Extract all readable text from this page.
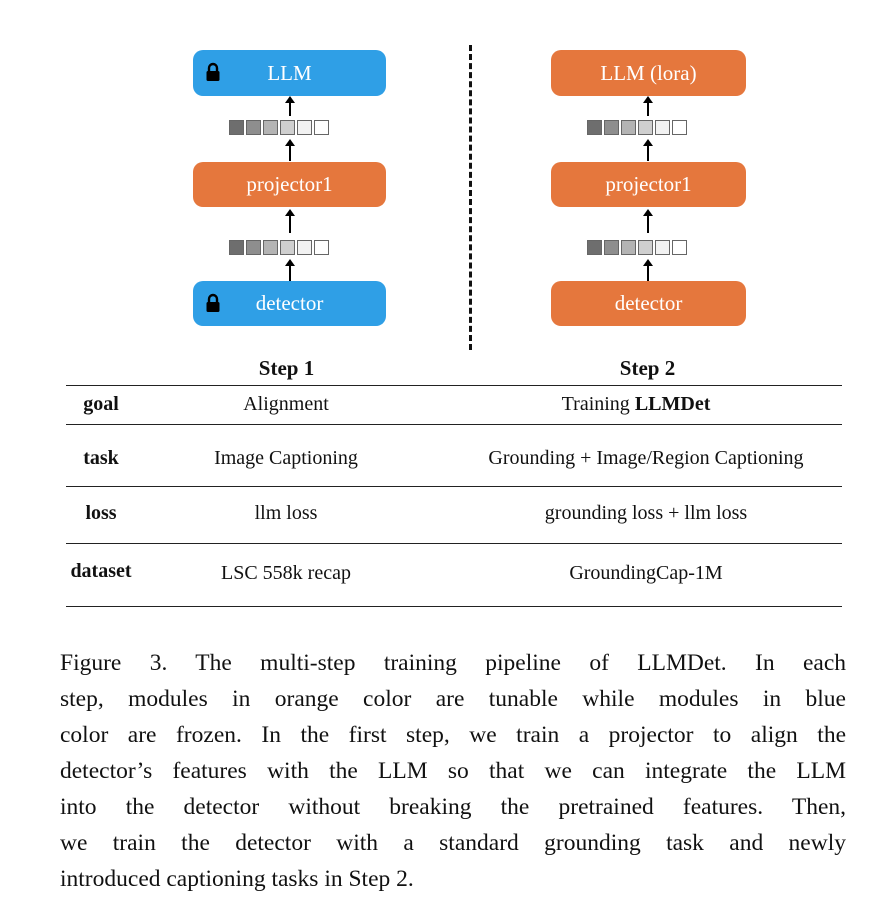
LLM
projector1
detector
LLM (lora)
projector1
detector
Step 1	Step 2
goal	Alignment	Training LLMDet
task	Image Captioning	Grounding + Image/Region Captioning
loss	llm loss	grounding loss + llm loss
dataset	LSC 558k recap	GroundingCap-1M
Figure 3. The multi-step training pipeline of LLMDet. In each
step, modules in orange color are tunable while modules in blue
color are frozen. In the first step, we train a projector to align the
detector’s features with the LLM so that we can integrate the LLM
into the detector without breaking the pretrained features. Then,
we train the detector with a standard grounding task and newly
introduced captioning tasks in Step 2.
